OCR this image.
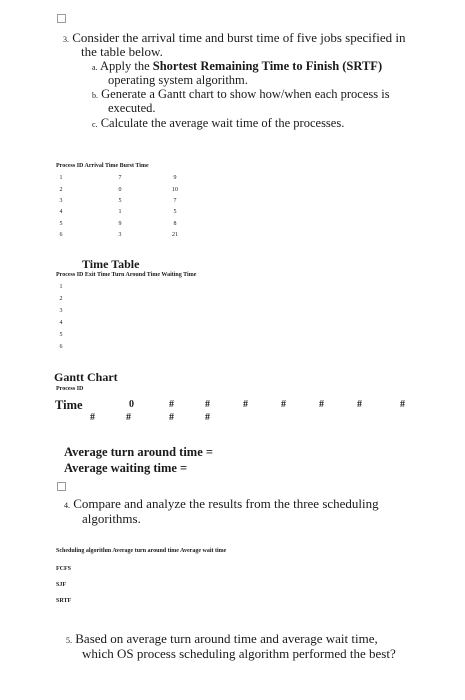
3. Consider the arrival time and burst time of five jobs specified in
the table below.
a. Apply the Shortest Remaining Time to Finish (SRTF)
operating system algorithm.
b. Generate a Gantt chart to show how/when each process is
executed.
c. Calculate the average wait time of the processes.
Process ID Arrival Time Burst Time
1	7	9
2	0	10
3	5	7
4	1	5
5	9	8
6	3	21
Time Table
Process ID Exit Time Turn Around Time Waiting Time
1
2
3
4
5
6
Gantt Chart
Process ID
Time	0	#	#	#	#	#	#	#
#	#	#	#
Average turn around time =
Average waiting time =
4. Compare and analyze the results from the three scheduling
algorithms.
Scheduling algorithm Average turn around time Average wait time
FCFS
SJF
SRTF
5. Based on average turn around time and average wait time,
which OS process scheduling algorithm performed the best?
